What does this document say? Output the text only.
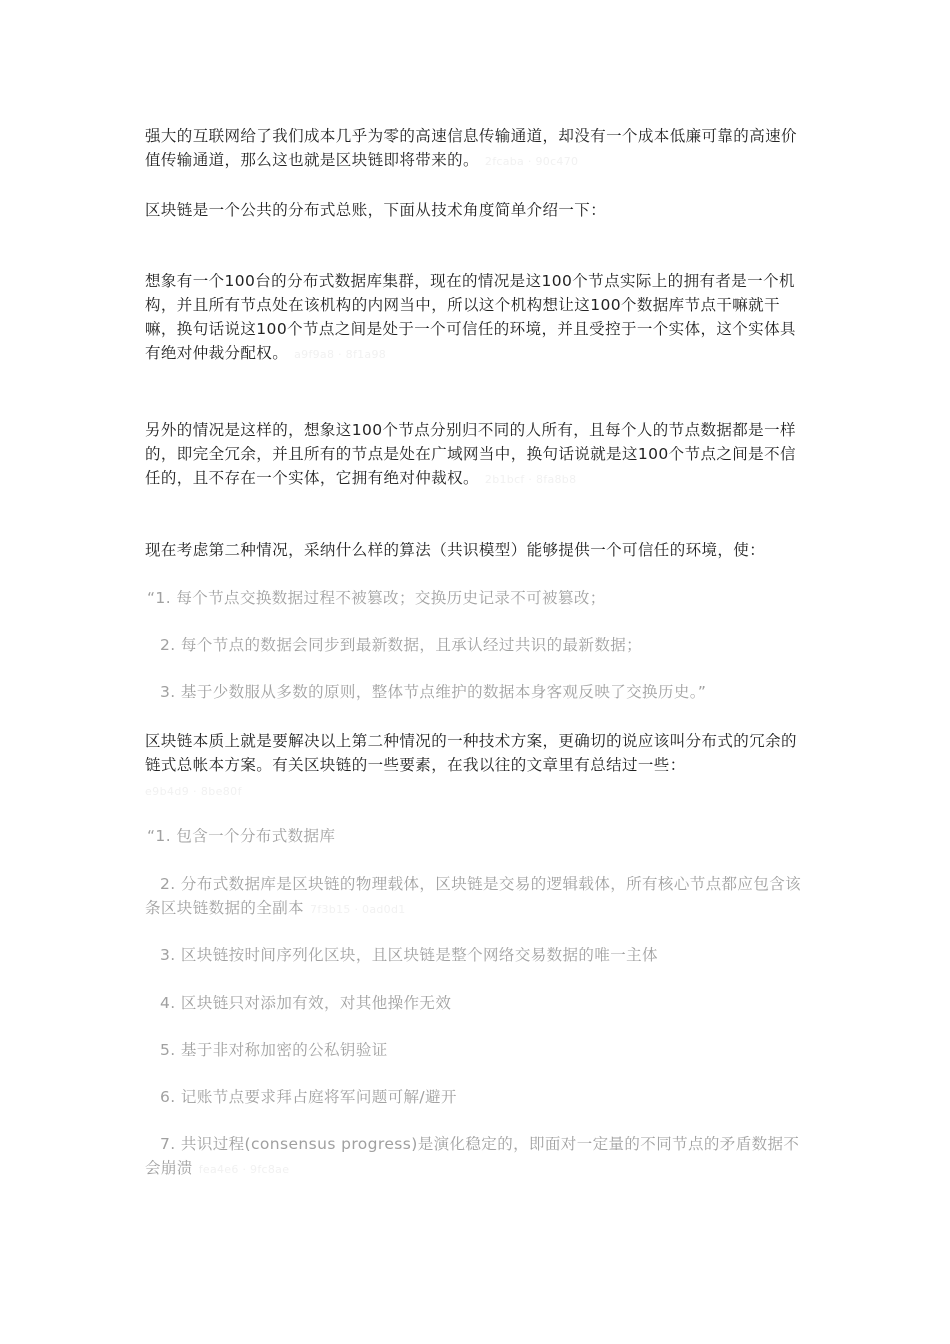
强大的互联网给了我们成本几乎为零的高速信息传输通道，却没有一个成本低廉可靠的高速价值传输通道，那么这也就是区块链即将带来的。 2fcaba · 90c470

区块链是一个公共的分布式总账，下面从技术角度简单介绍一下：

想象有一个100台的分布式数据库集群，现在的情况是这100个节点实际上的拥有者是一个机构，并且所有节点处在该机构的内网当中，所以这个机构想让这100个数据库节点干嘛就干嘛，换句话说这100个节点之间是处于一个可信任的环境，并且受控于一个实体，这个实体具有绝对仲裁分配权。 a9f9a8 · 8f1a98

另外的情况是这样的，想象这100个节点分别归不同的人所有，且每个人的节点数据都是一样的，即完全冗余，并且所有的节点是处在广域网当中，换句话说就是这100个节点之间是不信任的，且不存在一个实体，它拥有绝对仲裁权。 2b1bcf · 8fa8b8

现在考虑第二种情况，采纳什么样的算法（共识模型）能够提供一个可信任的环境，使：

“1. 每个节点交换数据过程不被篡改；交换历史记录不可被篡改；

2. 每个节点的数据会同步到最新数据，且承认经过共识的最新数据；

3. 基于少数服从多数的原则，整体节点维护的数据本身客观反映了交换历史。”

区块链本质上就是要解决以上第二种情况的一种技术方案，更确切的说应该叫分布式的冗余的链式总帐本方案。有关区块链的一些要素，在我以往的文章里有总结过一些：

e9b4d9 · 8be80f

“1. 包含一个分布式数据库

2. 分布式数据库是区块链的物理载体，区块链是交易的逻辑载体，所有核心节点都应包含该条区块链数据的全副本 7f3b15 · 0ad0d1

3. 区块链按时间序列化区块，且区块链是整个网络交易数据的唯一主体

4. 区块链只对添加有效，对其他操作无效

5. 基于非对称加密的公私钥验证

6. 记账节点要求拜占庭将军问题可解/避开

7. 共识过程(consensus progress)是演化稳定的，即面对一定量的不同节点的矛盾数据不会崩溃 fea4e6 · 9fc8ae
